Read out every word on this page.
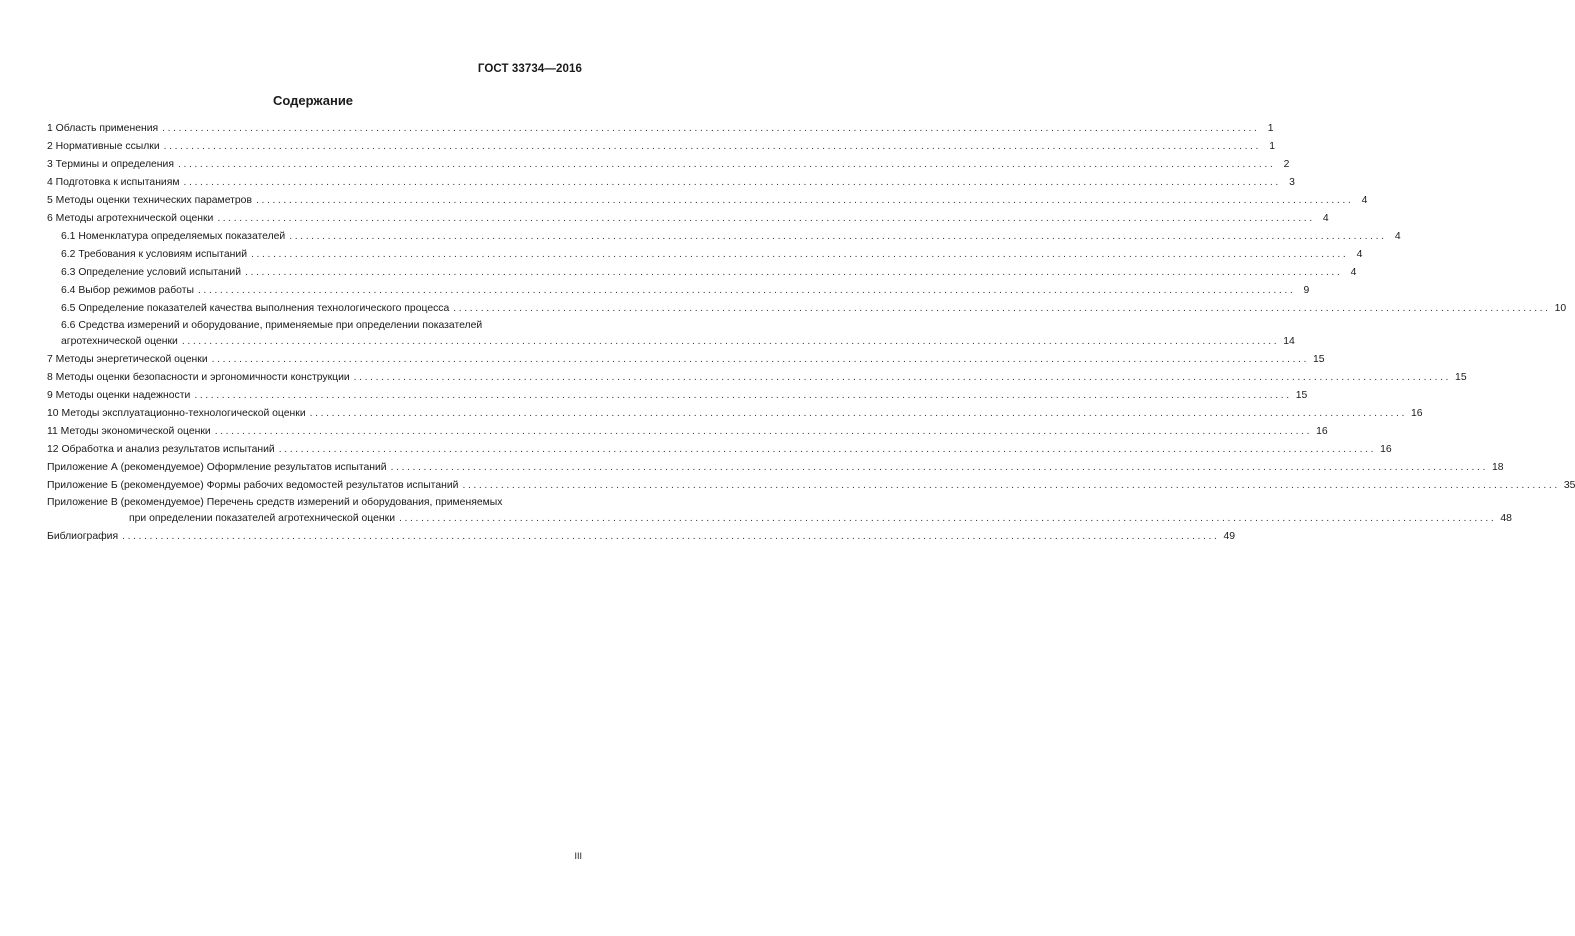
ГОСТ 33734—2016
Содержание
1 Область применения ........................................................................................................................................................................................................ 1
2 Нормативные ссылки ........................................................................................................................................................................................................ 1
3 Термины и определения ........................................................................................................................................................................................................ 2
4 Подготовка к испытаниям ........................................................................................................................................................................................................ 3
5 Методы оценки технических параметров ........................................................................................................................................................................................................ 4
6 Методы агротехнической оценки ........................................................................................................................................................................................................ 4
6.1 Номенклатура определяемых показателей ........................................................................................................................................................................................................ 4
6.2 Требования к условиям испытаний ........................................................................................................................................................................................................ 4
6.3 Определение условий испытаний ........................................................................................................................................................................................................ 4
6.4 Выбор режимов работы ........................................................................................................................................................................................................ 9
6.5 Определение показателей качества выполнения технологического процесса ........................................................................................................................................................................................................ 10
6.6 Средства измерений и оборудование, применяемые при определении показателей
агротехнической оценки ........................................................................................................................................................................................................ 14
7 Методы энергетической оценки ........................................................................................................................................................................................................ 15
8 Методы оценки безопасности и эргономичности конструкции ........................................................................................................................................................................................................ 15
9 Методы оценки надежности ........................................................................................................................................................................................................ 15
10 Методы эксплуатационно-технологической оценки ........................................................................................................................................................................................................ 16
11 Методы экономической оценки ........................................................................................................................................................................................................ 16
12 Обработка и анализ результатов испытаний ........................................................................................................................................................................................................ 16
Приложение А (рекомендуемое) Оформление результатов испытаний ........................................................................................................................................................................................................ 18
Приложение Б (рекомендуемое) Формы рабочих ведомостей результатов испытаний ........................................................................................................................................................................................................ 35
Приложение В (рекомендуемое) Перечень средств измерений и оборудования, применяемых
при определении показателей агротехнической оценки ........................................................................................................................................................................................................ 48
Библиография ........................................................................................................................................................................................................ 49
III
